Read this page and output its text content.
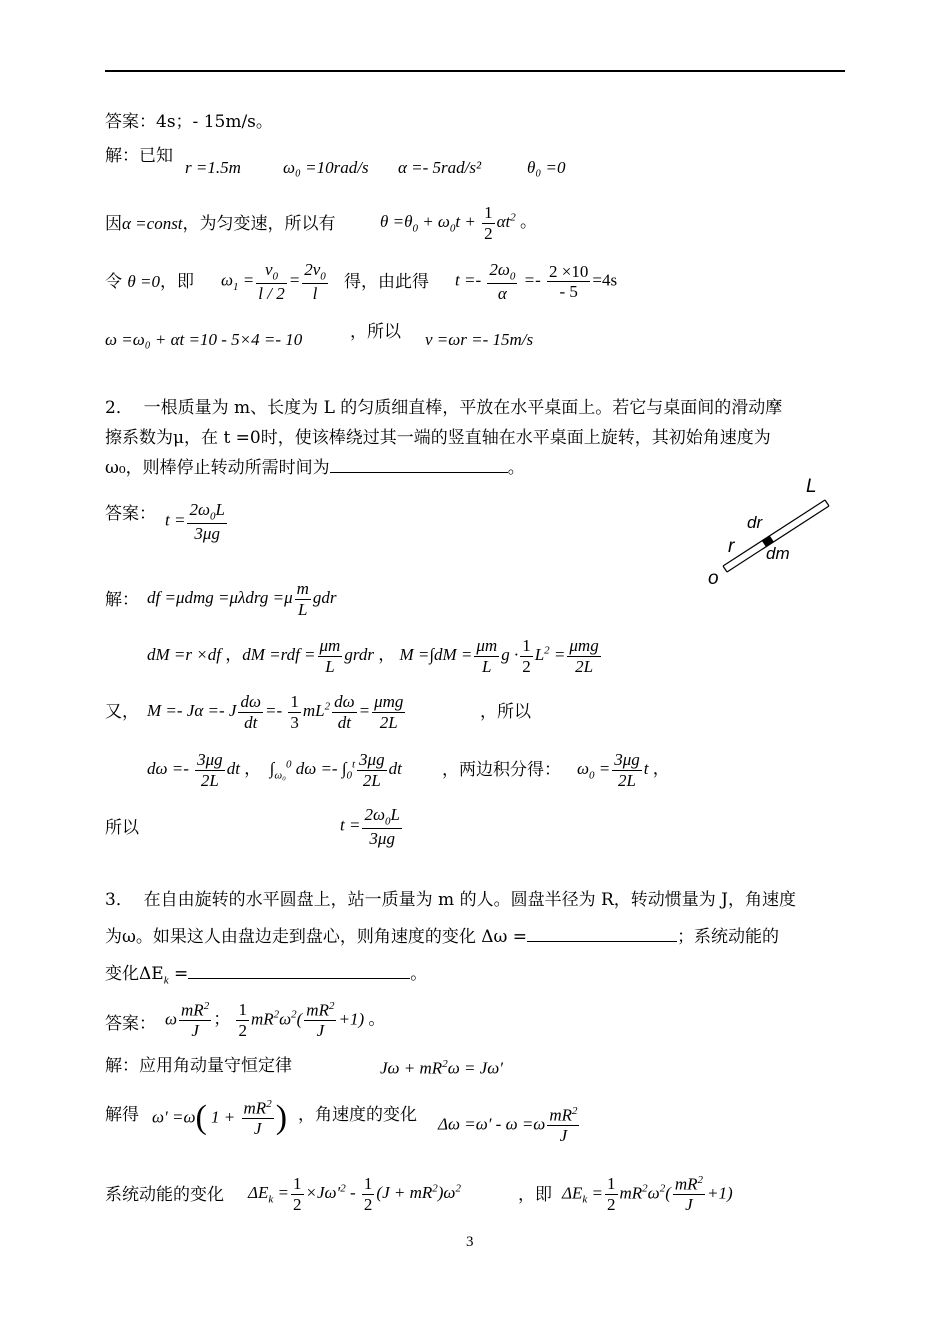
答案：4s；- 15m/s。
解：已知
r =1.5m ω₀ =10rad/s α =- 5rad/s²	θ₀ =0
因α =const，为匀变速，所以有	$\theta =\theta_0 + \omega_0t + \frac{1}{2} \alpha t^2$ 。
令 θ =0，即 $\omega_1 = \frac{v_0}{l / 2} = \frac{2v_0}{l}$ 得，由此得 $t =- \frac{2\omega_0}{\alpha} =- \frac{2 \times 10}{- 5} =4s$
ω =ω₀ + αt =10 - 5×4 =- 10	，所以 v =ωr =- 15m/s
2． 一根质量为 m、长度为 L 的匀质细直棒，平放在水平桌面上。若它与桌面间的滑动摩
擦系数为μ，在 t =0时，使该棒绕过其一端的竖直轴在水平桌面上旋转，其初始角速度为
ω₀，则棒停止转动所需时间为	。
答案： $t = \frac{2\omega_0L}{3\mu g}$
L
dr
r dm
o
解： df $=\mu dmg =\mu\lambda drg =\mu \frac{m}{L}$ gdr
dM =r ×df ，dM $=rdf = \frac{\mu m}{L}$ grdr ， $M =\int dM = \frac{\mu m}{L}$ $g \cdot \frac{1}{2} L^2 = \frac{\text{μmg}}{2L}$
又， M =- Jα =- J $\frac{d\omega}{dt} =- \frac{1}{3} mL^2 \frac{d\omega}{dt} = \frac{\text{μmg}}{2L}$	，所以
$d\omega =- \frac{3\mu g}{2L}$ dt ，  $\int_{\omega_0}^0$ $d\omega =- \int_0^t \frac{3\mu g}{2L}$ dt ，两边积分得： $\omega_0 = \frac{3\mu g}{2L}$ t ，
所以	$t = \frac{2\omega_0L}{3\mu g}$
3． 在自由旋转的水平圆盘上，站一质量为 m 的人。圆盘半径为 R，转动惯量为 J，角速度
为ω。如果这人由盘边走到盘心，则角速度的变化 Δω =	；系统动能的
变化$\Delta E_k$ =	。
答案： ω $\frac{mR^2}{J}$ ； $\frac{1}{2} mR^2\omega^2( \frac{mR^2}{J} +1)$ 。
解：应用角动量守恒定律	$J\omega + mR^2\omega = J\omega'$
解得 ω′ =ω( $1 + \frac{mR^2}{J}$ ) ，角速度的变化 $\Delta\omega =\omega' - \omega =\omega \frac{mR^2}{J}$
系统动能的变化 $\Delta E_k = \frac{1}{2} \times J\omega'^2 - \frac{1}{2} (J + mR^2)\omega^2$	，即 $\Delta E_k = \frac{1}{2} mR^2\omega^2( \frac{mR^2}{J} +1)$
3
